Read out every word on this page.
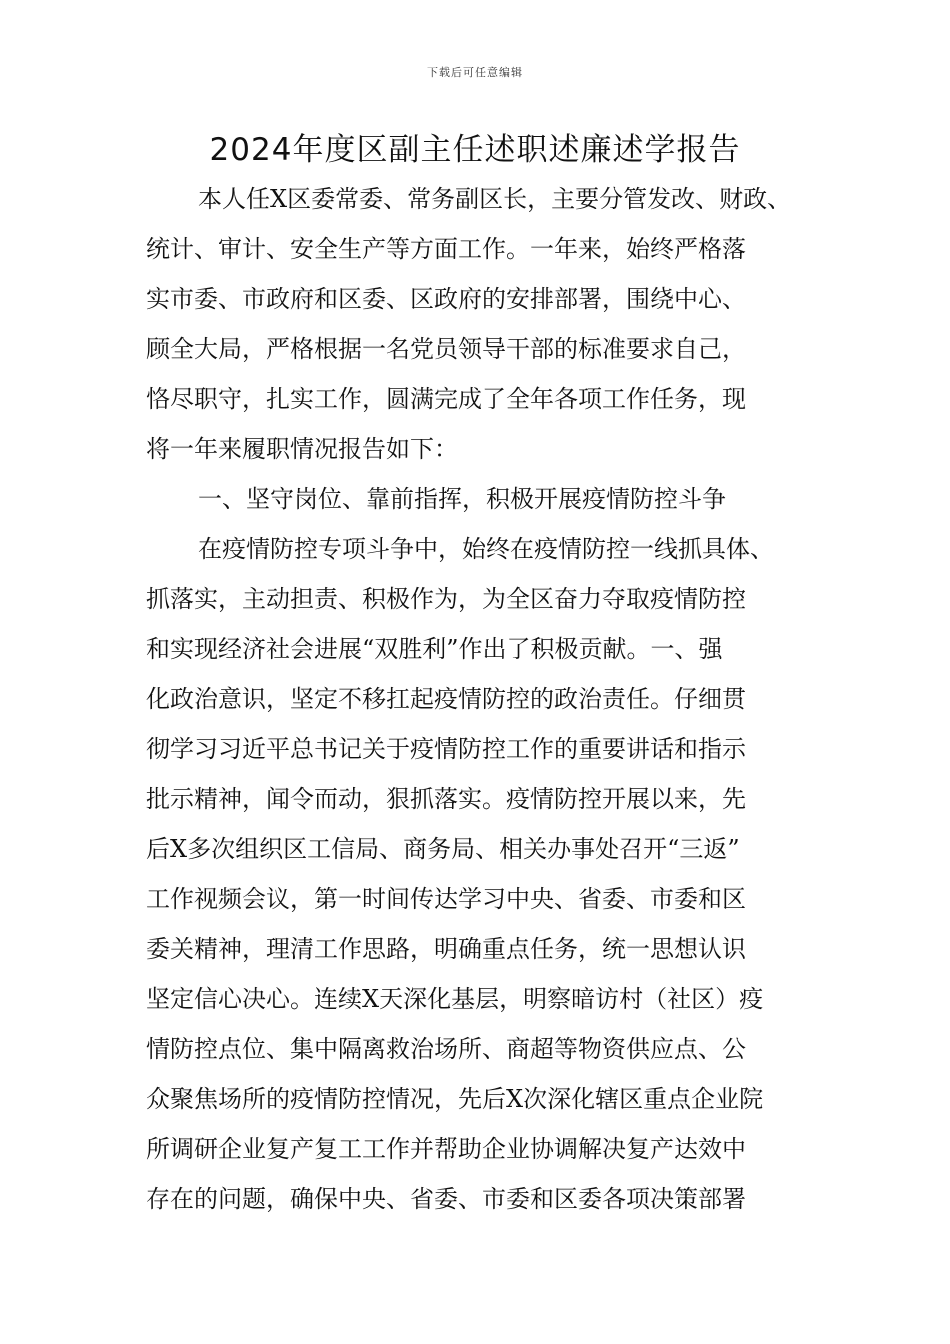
下载后可任意编辑
2024年度区副主任述职述廉述学报告
本人任X区委常委、常务副区长，主要分管发改、财政、
统计、审计、安全生产等方面工作。一年来，始终严格落
实市委、市政府和区委、区政府的安排部署，围绕中心、
顾全大局，严格根据一名党员领导干部的标准要求自己，
恪尽职守，扎实工作，圆满完成了全年各项工作任务，现
将一年来履职情况报告如下：
一、坚守岗位、靠前指挥，积极开展疫情防控斗争
在疫情防控专项斗争中，始终在疫情防控一线抓具体、
抓落实，主动担责、积极作为，为全区奋力夺取疫情防控
和实现经济社会进展“双胜利”作出了积极贡献。一、强
化政治意识，坚定不移扛起疫情防控的政治责任。仔细贯
彻学习习近平总书记关于疫情防控工作的重要讲话和指示
批示精神，闻令而动，狠抓落实。疫情防控开展以来，先
后X多次组织区工信局、商务局、相关办事处召开“三返”
工作视频会议，第一时间传达学习中央、省委、市委和区
委关精神，理清工作思路，明确重点任务，统一思想认识
坚定信心决心。连续X天深化基层，明察暗访村（社区）疫
情防控点位、集中隔离救治场所、商超等物资供应点、公
众聚焦场所的疫情防控情况，先后X次深化辖区重点企业院
所调研企业复产复工工作并帮助企业协调解决复产达效中
存在的问题，确保中央、省委、市委和区委各项决策部署
